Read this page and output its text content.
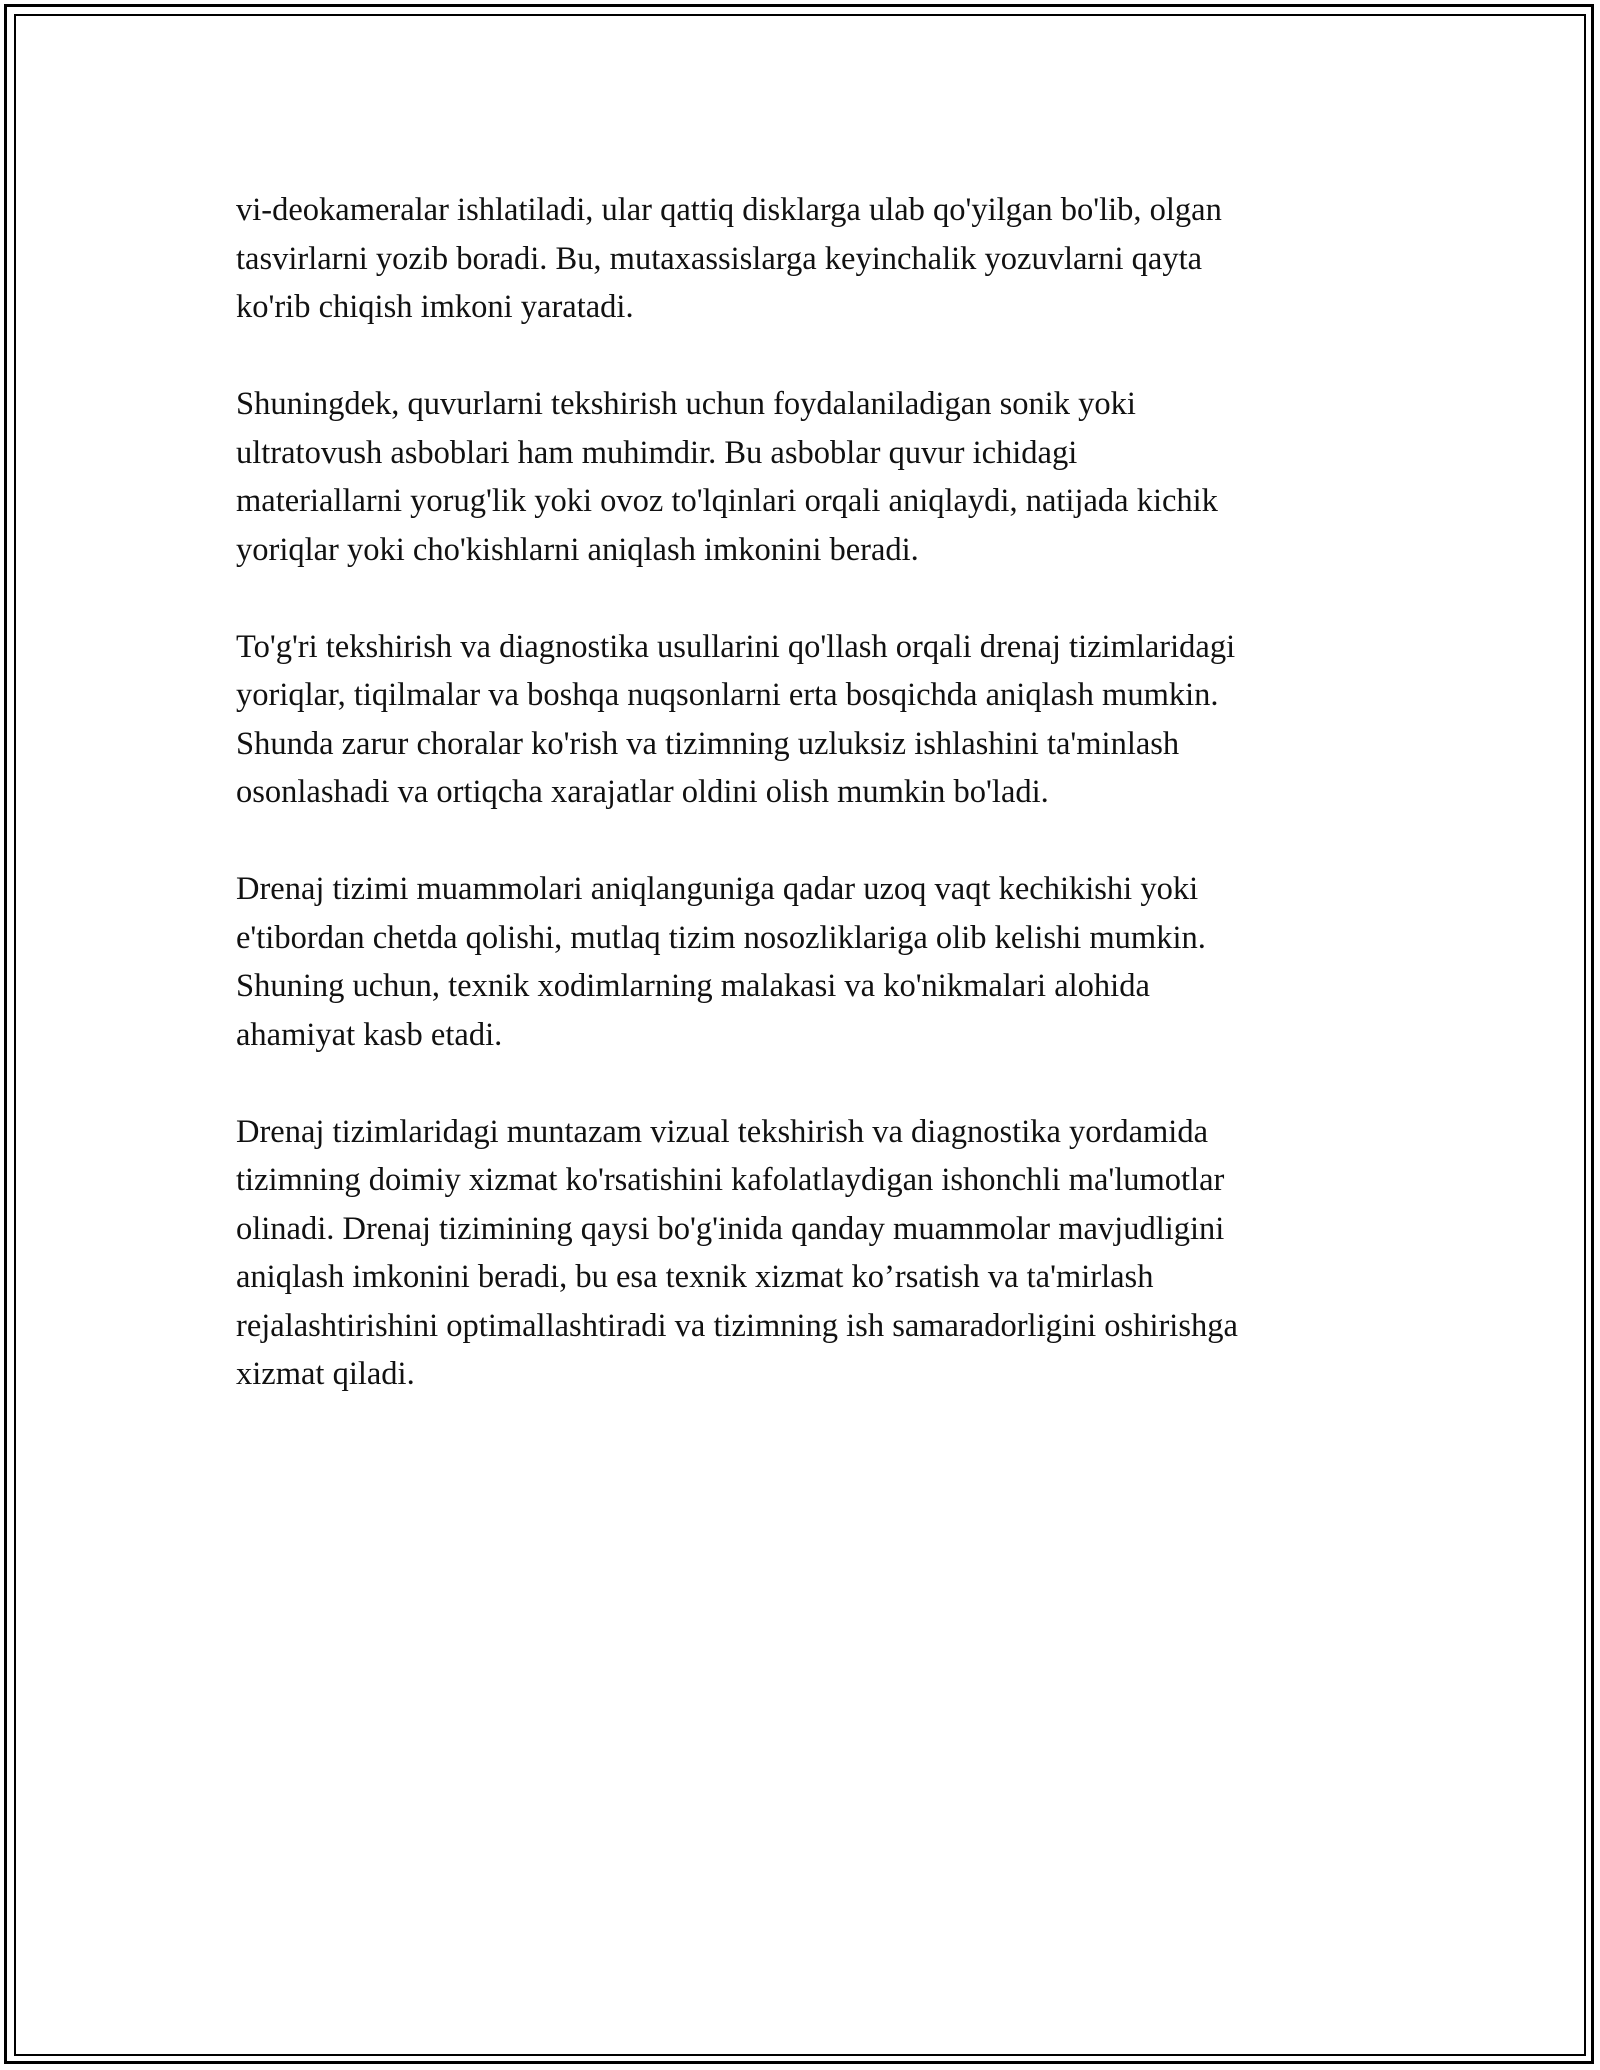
vi-deokameralar ishlatiladi, ular qattiq disklarga ulab qo'yilgan bo'lib, olgan
tasvirlarni yozib boradi. Bu, mutaxassislarga keyinchalik yozuvlarni qayta
ko'rib chiqish imkoni yaratadi.

Shuningdek, quvurlarni tekshirish uchun foydalaniladigan sonik yoki
ultratovush asboblari ham muhimdir. Bu asboblar quvur ichidagi
materiallarni yorug'lik yoki ovoz to'lqinlari orqali aniqlaydi, natijada kichik
yoriqlar yoki cho'kishlarni aniqlash imkonini beradi.

To'g'ri tekshirish va diagnostika usullarini qo'llash orqali drenaj tizimlaridagi
yoriqlar, tiqilmalar va boshqa nuqsonlarni erta bosqichda aniqlash mumkin.
Shunda zarur choralar ko'rish va tizimning uzluksiz ishlashini ta'minlash
osonlashadi va ortiqcha xarajatlar oldini olish mumkin bo'ladi.

Drenaj tizimi muammolari aniqlanguniga qadar uzoq vaqt kechikishi yoki
e'tibordan chetda qolishi, mutlaq tizim nosozliklariga olib kelishi mumkin.
Shuning uchun, texnik xodimlarning malakasi va ko'nikmalari alohida
ahamiyat kasb etadi.

Drenaj tizimlaridagi muntazam vizual tekshirish va diagnostika yordamida
tizimning doimiy xizmat ko'rsatishini kafolatlaydigan ishonchli ma'lumotlar
olinadi. Drenaj tizimining qaysi bo'g'inida qanday muammolar mavjudligini
aniqlash imkonini beradi, bu esa texnik xizmat ko’rsatish va ta'mirlash
rejalashtirishini optimallashtiradi va tizimning ish samaradorligini oshirishga
xizmat qiladi.
